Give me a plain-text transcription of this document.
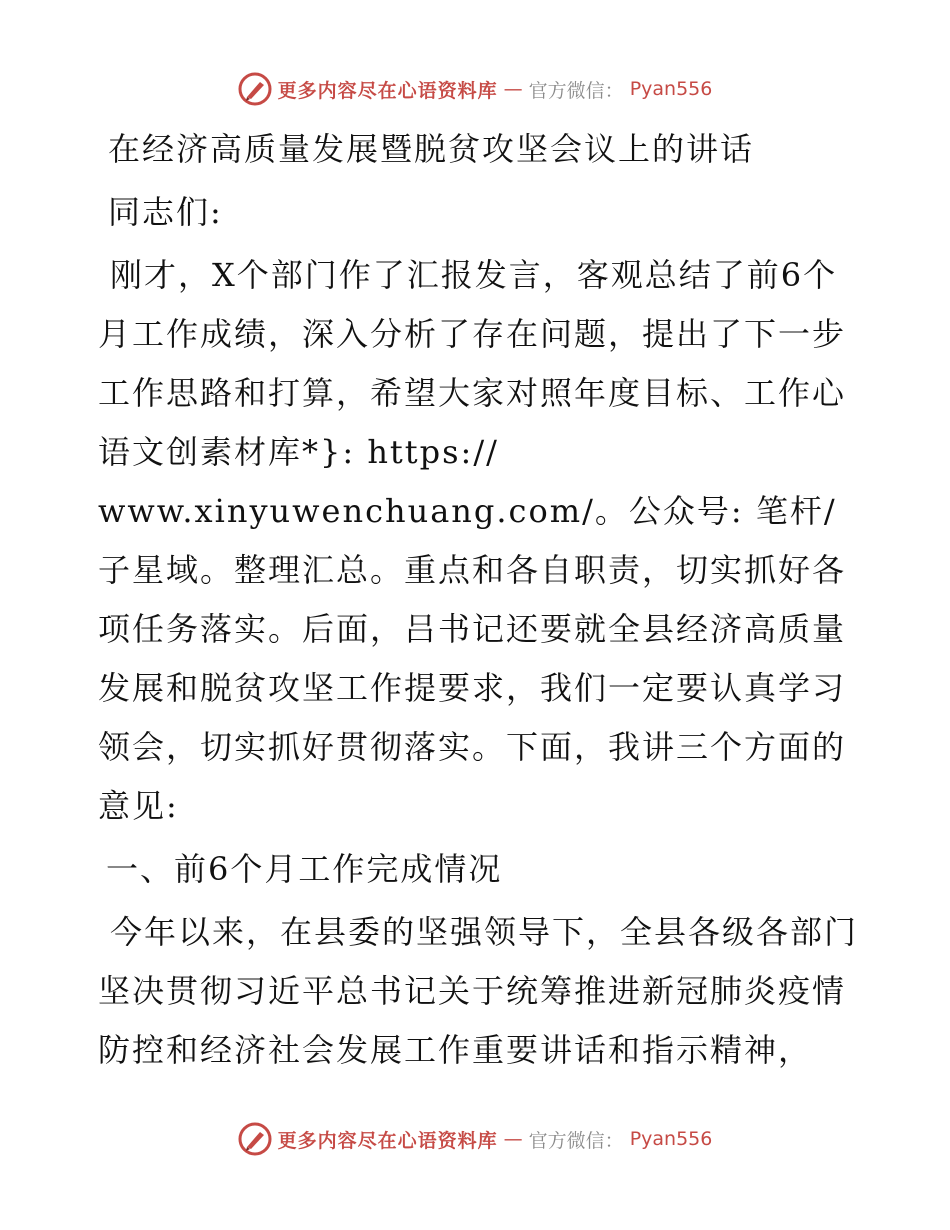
更多内容尽在心语资料库 — 官方微信： Pyan556

在经济高质量发展暨脱贫攻坚会议上的讲话

同志们:

刚才，X个部门作了汇报发言，客观总结了前6个月工作成绩，深入分析了存在问题，提出了下一步工作思路和打算，希望大家对照年度目标、工作心语文创素材库*}: https://

www.xinyuwenchuang.com/。公众号: 笔杆/子星域。整理汇总。重点和各自职责，切实抓好各项任务落实。后面，吕书记还要就全县经济高质量发展和脱贫攻坚工作提要求，我们一定要认真学习领会，切实抓好贯彻落实。下面，我讲三个方面的意见:

一、前6个月工作完成情况

今年以来，在县委的坚强领导下，全县各级各部门坚决贯彻习近平总书记关于统筹推进新冠肺炎疫情防控和经济社会发展工作重要讲话和指示精神，

更多内容尽在心语资料库 — 官方微信： Pyan556
